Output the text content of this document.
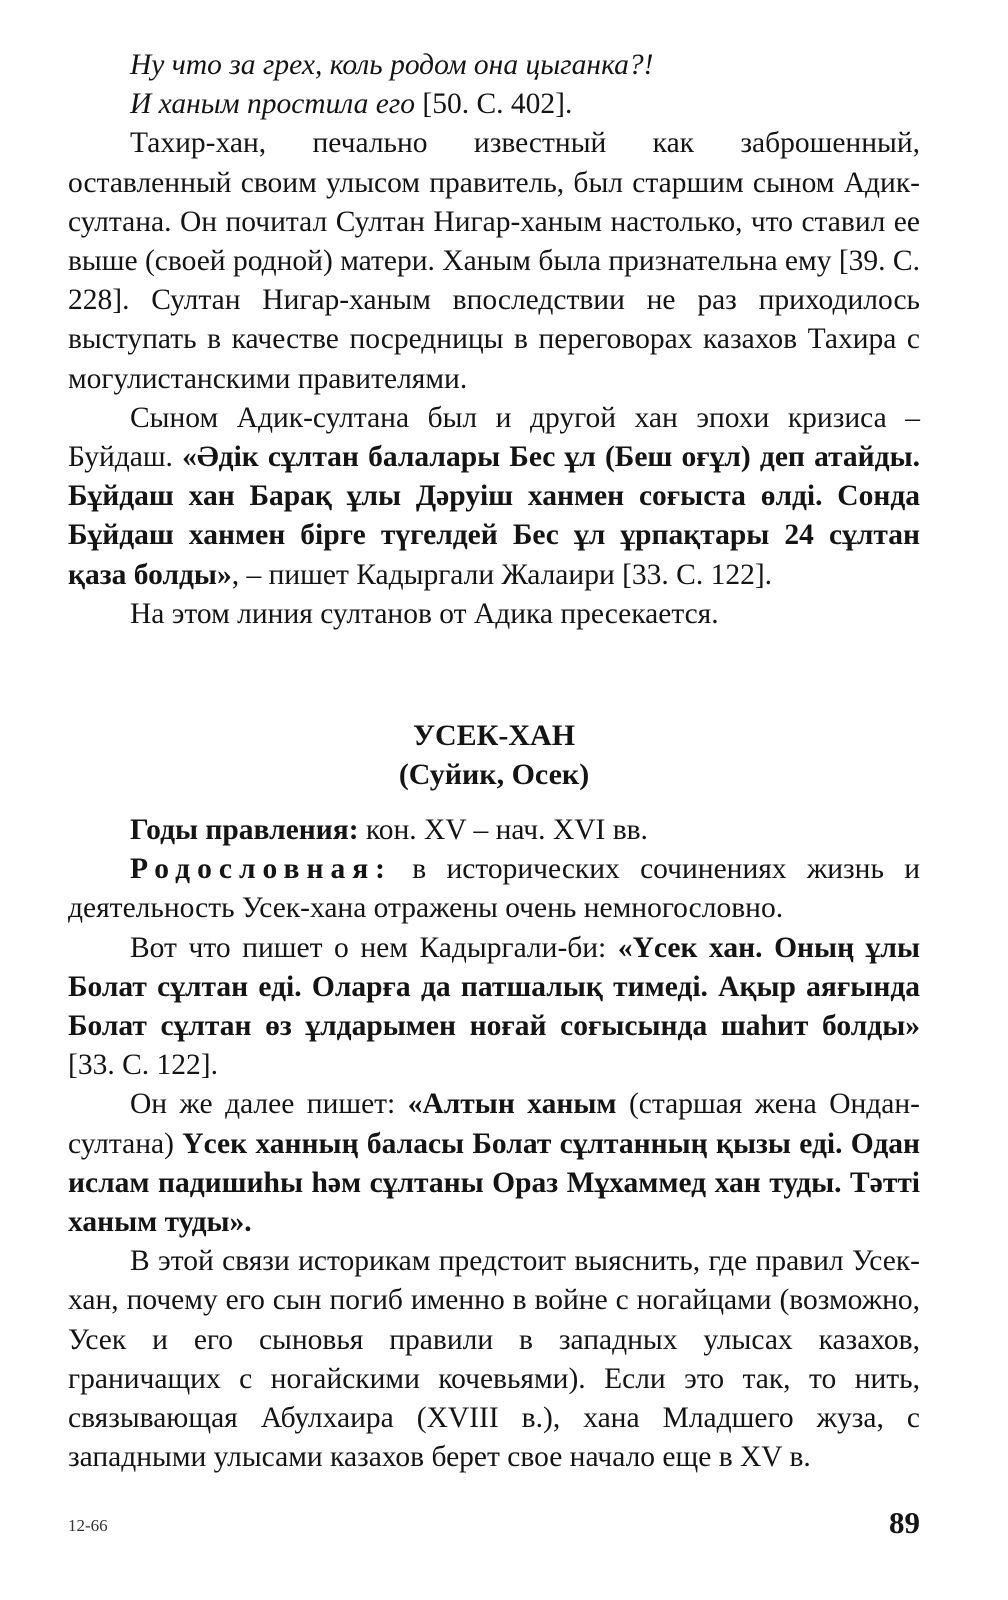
Ну что за грех, коль родом она цыганка?!
И ханым простила его [50. С. 402].

Тахир-хан, печально известный как заброшенный, оставленный своим улысом правитель, был старшим сыном Адик-султана. Он почитал Султан Нигар-ханым настолько, что ставил ее выше (своей родной) матери. Ханым была признательна ему [39. С. 228]. Султан Нигар-ханым впоследствии не раз приходилось выступать в качестве посредницы в переговорах казахов Тахира с могулистанскими правителями.

Сыном Адик-султана был и другой хан эпохи кризиса – Буйдаш. «Әдік сұлтан балалары Бес ұл (Беш оғұл) деп атайды. Бұйдаш хан Барақ ұлы Дәруіш ханмен соғыста өлді. Сонда Бұйдаш ханмен бірге түгелдей Бес ұл ұрпақтары 24 сұлтан қаза болды», – пишет Кадыргали Жалаири [33. С. 122].

На этом линия султанов от Адика пресекается.

УСЕК-ХАН
(Суйик, Осек)

Годы правления: кон. XV – нач. XVI вв.

Родословная: в исторических сочинениях жизнь и деятельность Усек-хана отражены очень немногословно.

Вот что пишет о нем Кадыргали-би: «Үсек хан. Оның ұлы Болат сұлтан еді. Оларға да патшалық тимеді. Ақыр аяғында Болат сұлтан өз ұлдарымен ноғай соғысында шаһит болды» [33. С. 122].

Он же далее пишет: «Алтын ханым (старшая жена Ондан-султана) Үсек ханның баласы Болат сұлтанның қызы еді. Одан ислам падишиһы һәм сұлтаны Ораз Мұхаммед хан туды. Тәтті ханым туды».

В этой связи историкам предстоит выяснить, где правил Усек-хан, почему его сын погиб именно в войне с ногайцами (возможно, Усек и его сыновья правили в западных улысах казахов, граничащих с ногайскими кочевьями). Если это так, то нить, связывающая Абулхаира (XVIII в.), хана Младшего жуза, с западными улысами казахов берет свое начало еще в XV в.

12-66	89
